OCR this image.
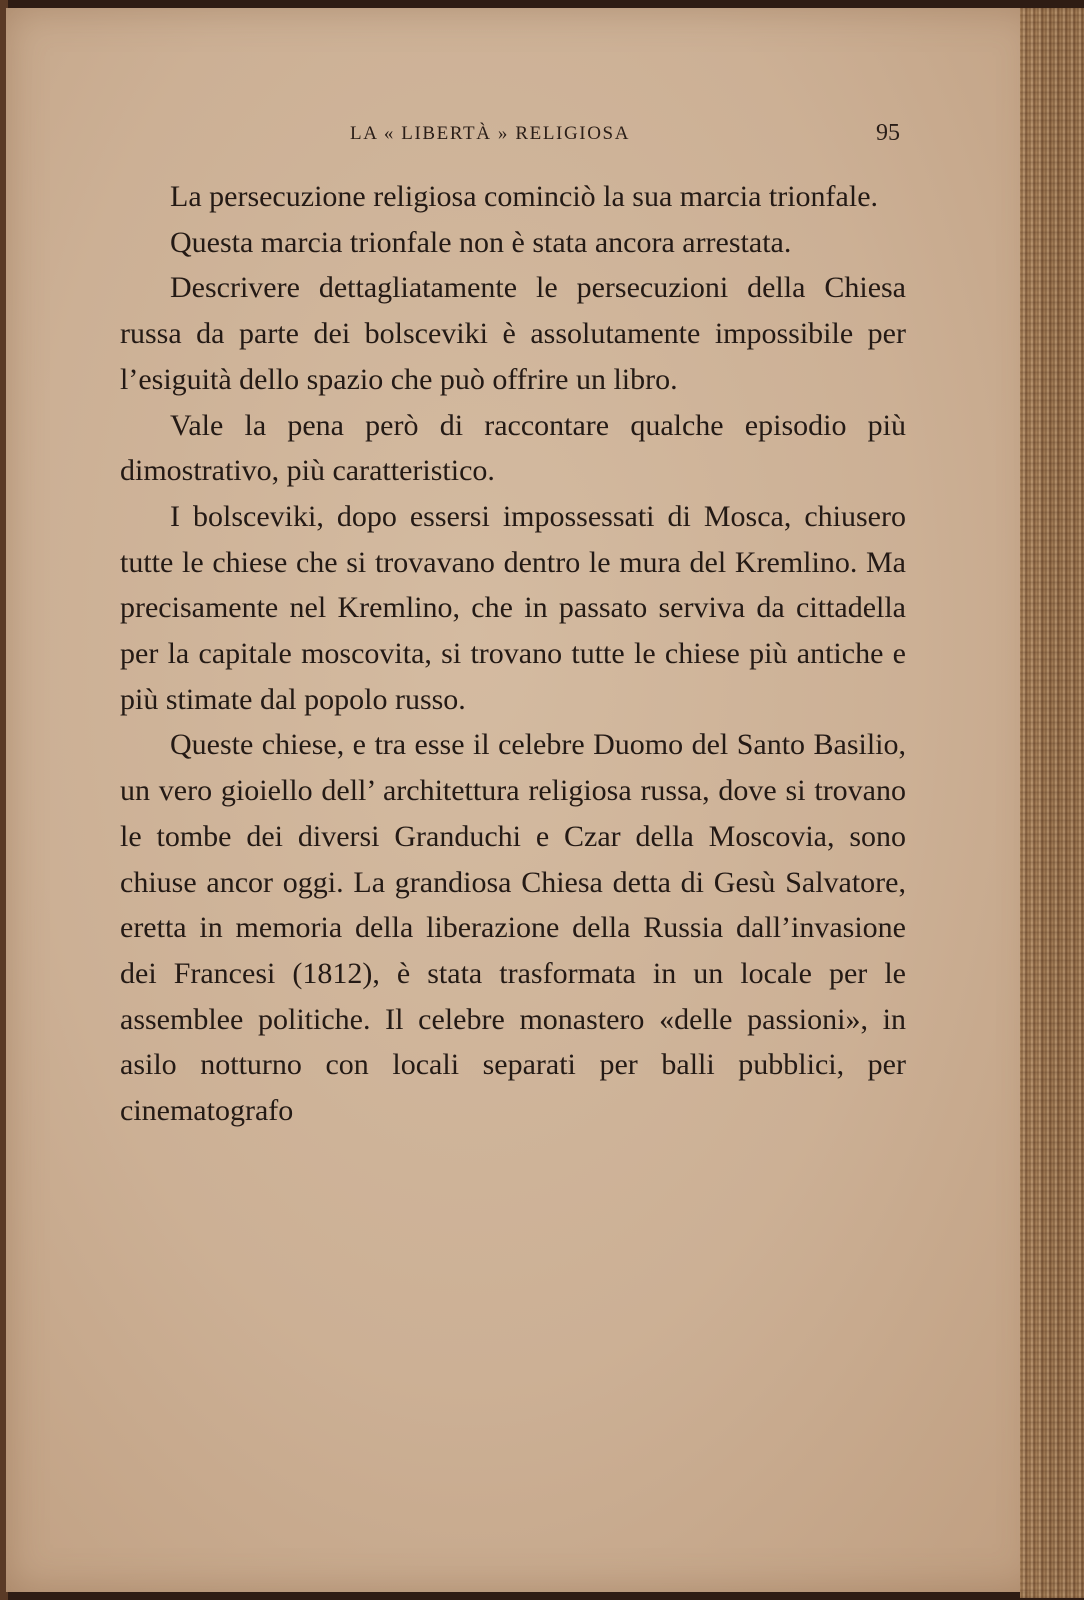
LA « LIBERTÀ » RELIGIOSA	95

La persecuzione religiosa cominciò la sua marcia trionfale.

Questa marcia trionfale non è stata ancora arrestata.

Descrivere dettagliatamente le persecuzioni della Chiesa russa da parte dei bolsceviki è assolutamente impossibile per l’esiguità dello spazio che può offrire un libro.

Vale la pena però di raccontare qualche episodio più dimostrativo, più caratteristico.

I bolsceviki, dopo essersi impossessati di Mosca, chiusero tutte le chiese che si trovavano dentro le mura del Kremlino. Ma precisamente nel Kremlino, che in passato serviva da cittadella per la capitale moscovita, si trovano tutte le chiese più antiche e più stimate dal popolo russo.

Queste chiese, e tra esse il celebre Duomo del Santo Basilio, un vero gioiello dell’ architettura religiosa russa, dove si trovano le tombe dei diversi Granduchi e Czar della Moscovia, sono chiuse ancor oggi. La grandiosa Chiesa detta di Gesù Salvatore, eretta in memoria della liberazione della Russia dall’invasione dei Francesi (1812), è stata trasformata in un locale per le assemblee politiche. Il celebre monastero «delle passioni», in asilo notturno con locali separati per balli pubblici, per cinematografo
